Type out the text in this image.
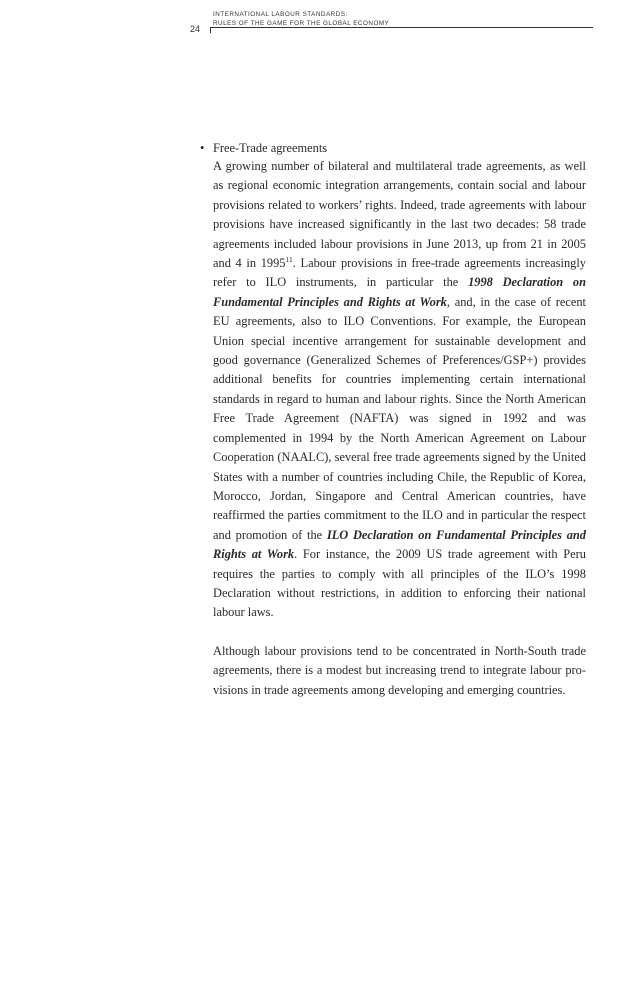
INTERNATIONAL LABOUR STANDARDS:
RULES OF THE GAME FOR THE GLOBAL ECONOMY
24
• Free-Trade agreements

A growing number of bilateral and multilateral trade agreements, as well as regional economic integration arrangements, contain social and labour provisions related to workers’ rights. Indeed, trade agreements with labour provisions have increased significantly in the last two decades: 58 trade agreements included labour provisions in June 2013, up from 21 in 2005 and 4 in 1995$^{11}$. Labour provisions in free-trade agreements increasingly refer to ILO instruments, in particular the 1998 Declaration on Fundamental Principles and Rights at Work, and, in the case of recent EU agreements, also to ILO Conventions. For example, the European Union special incentive arrangement for sustainable development and good governance (Generalized Schemes of Preferences/GSP+) provides additional benefits for countries implementing certain international standards in regard to human and labour rights. Since the North American Free Trade Agreement (NAFTA) was signed in 1992 and was complemented in 1994 by the North American Agreement on Labour Cooperation (NAALC), several free trade agreements signed by the United States with a number of countries including Chile, the Republic of Korea, Morocco, Jordan, Singapore and Central American countries, have reaffirmed the parties commitment to the ILO and in particular the respect and promotion of the ILO Declaration on Fundamental Principles and Rights at Work. For instance, the 2009 US trade agreement with Peru requires the parties to comply with all principles of the ILO’s 1998 Declaration without restrictions, in addition to enforcing their national labour laws.

Although labour provisions tend to be concentrated in North-South trade agreements, there is a modest but increasing trend to integrate labour provisions in trade agreements among developing and emerging countries.
